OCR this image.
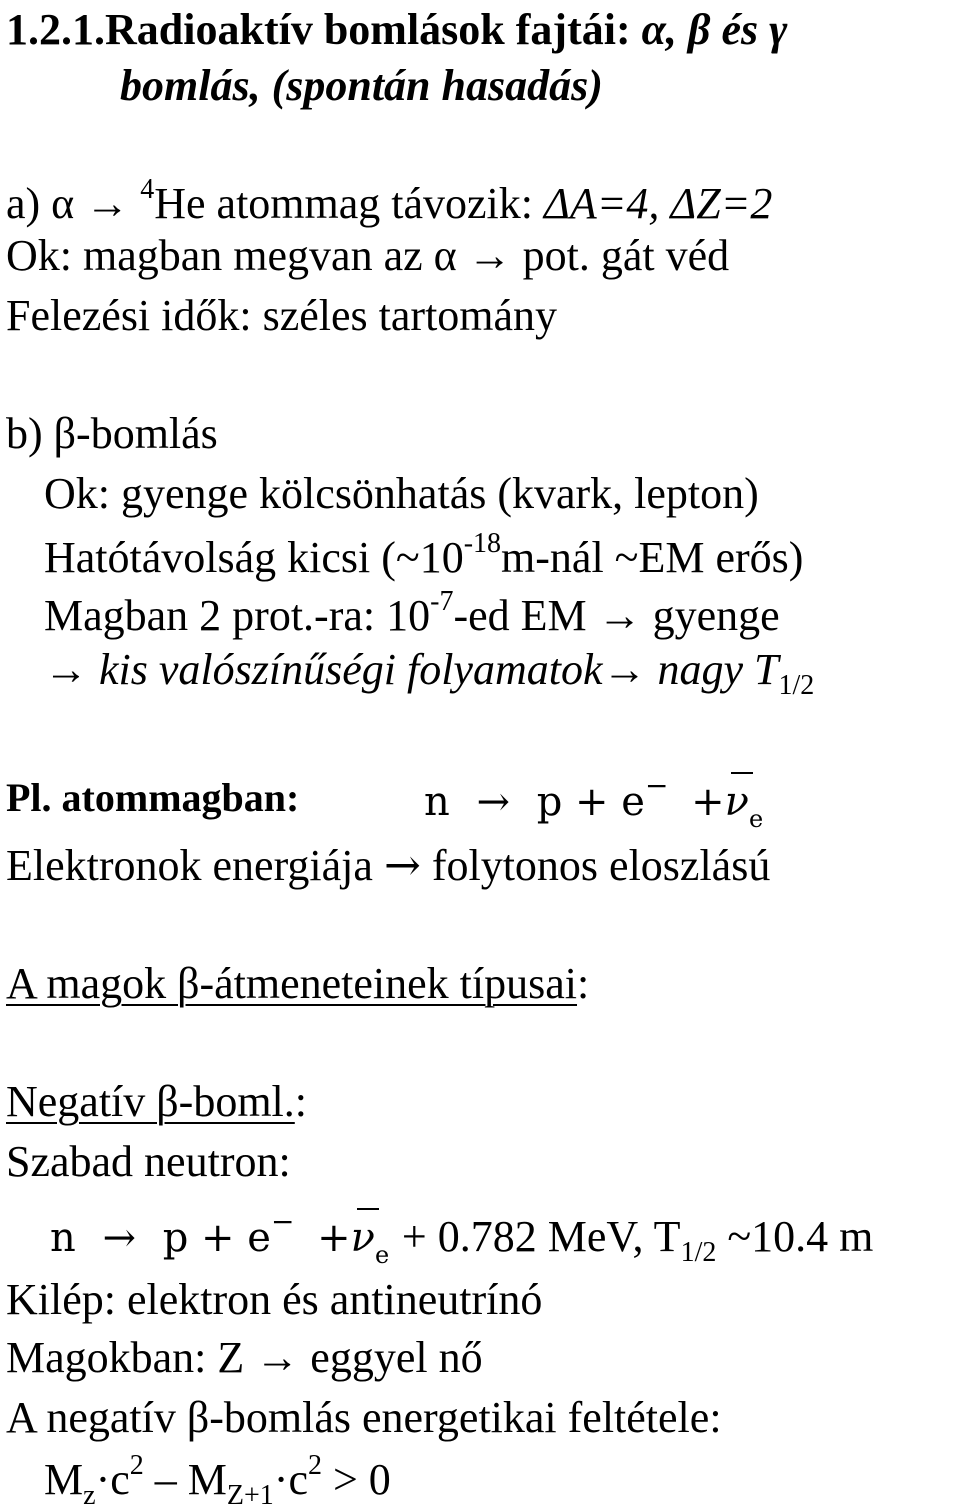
1.2.1.Radioaktív bomlások fajtái: α, β és γ
bomlás, (spontán hasadás)
a) α → $^4$He atommag távozik: ΔA=4, ΔZ=2
Ok: magban megvan az α → pot. gát véd
Felezési idők: széles tartomány
b) β-bomlás
Ok: gyenge kölcsönhatás (kvark, lepton)
Hatótávolság kicsi ($\sim 10^{-18}m$-nál ~EM erős)
Magban 2 prot.-ra: $10^{-7}-ed$ EM → gyenge
→ kis valószínűségi folyamatok→ nagy $T_{1/2}$
Pl. atommagban:	$n \to p + e^- +\nu_e$
Elektronok energiája → folytonos eloszlású
A magok β-átmeneteinek típusai:
Negatív β-boml.:
Szabad neutron:
$n \to p + e^- +\nu_e + 0.782$ MeV, $T_{1/2}$ ~10.4 m
Kilép: elektron és antineutrínó
Magokban: Z → eggyel nő
A negatív β-bomlás energetikai feltétele:
$M_z\cdot c^2 - M_{Z+1}\cdot c^2 > 0$
